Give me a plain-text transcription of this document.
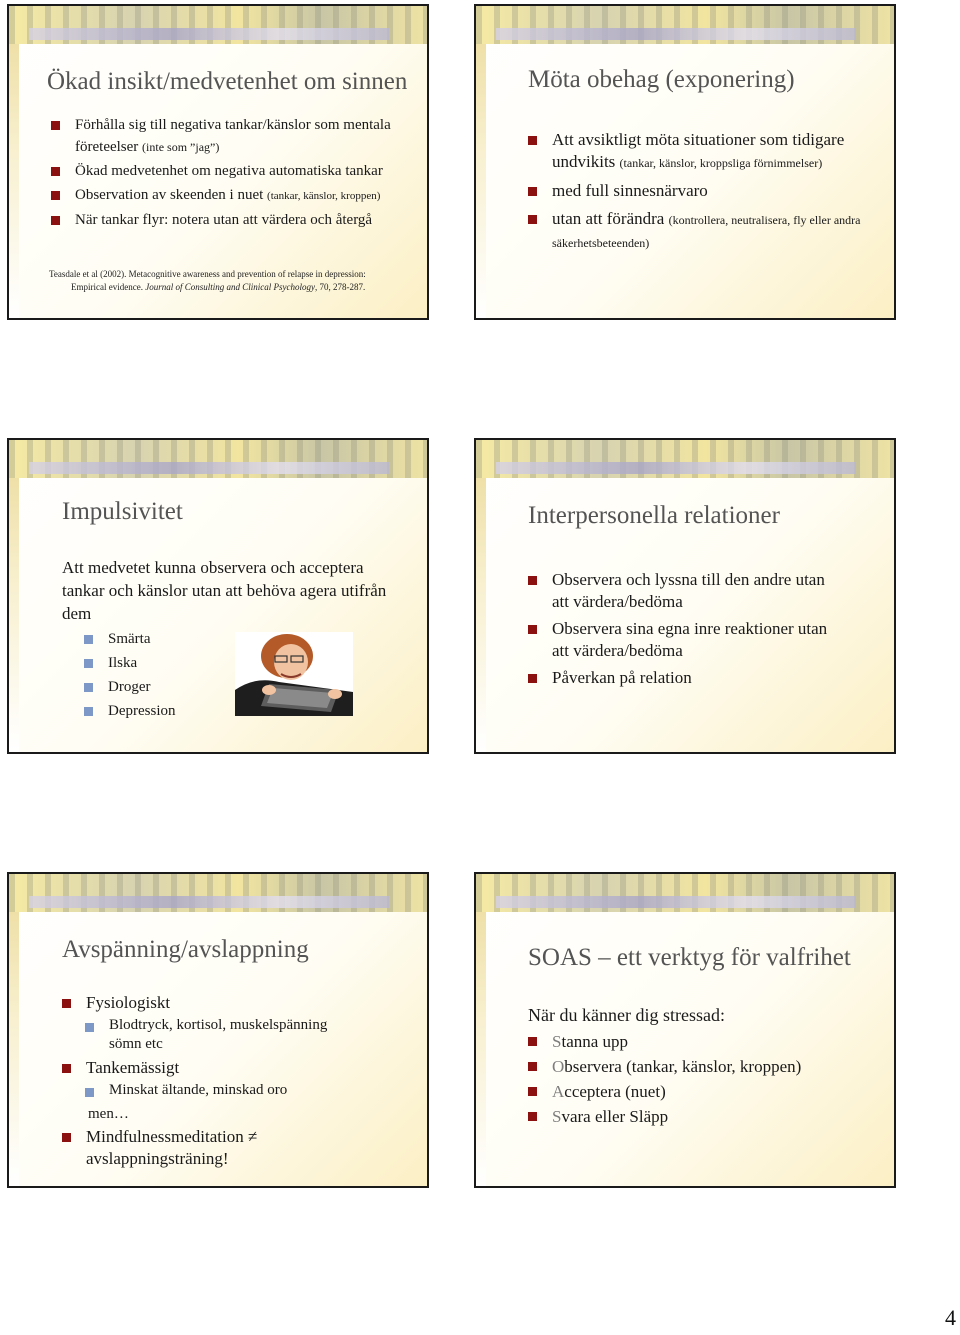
Ökad insikt/medvetenhet om sinnen
Förhålla sig till negativa tankar/känslor som mentala företeelser (inte som ”jag”)
Ökad medvetenhet om negativa automatiska tankar
Observation av skeenden i nuet (tankar, känslor, kroppen)
När tankar flyr: notera utan att värdera och återgå
Teasdale et al (2002). Metacognitive awareness and prevention of relapse in depression:
Empirical evidence. Journal of Consulting and Clinical Psychology, 70, 278-287.
Möta obehag (exponering)
Att avsiktligt möta situationer som tidigare undvikits (tankar, känslor, kroppsliga förnimmelser)
med full sinnesnärvaro
utan att förändra (kontrollera, neutralisera, fly eller andra säkerhetsbeteenden)
Impulsivitet
Att medvetet kunna observera och acceptera tankar och känslor utan att behöva agera utifrån dem
Smärta
Ilska
Droger
Depression
Interpersonella relationer
Observera och lyssna till den andre utan att värdera/bedöma
Observera sina egna inre reaktioner utan att värdera/bedöma
Påverkan på relation
Avspänning/avslappning
Fysiologiskt
Blodtryck, kortisol, muskelspänning
sömn etc
Tankemässigt
Minskat ältande, minskad oro
men…
Mindfulnessmeditation ≠
avslappningsträning!
SOAS – ett verktyg för valfrihet
När du känner dig stressad:
Stanna upp
Observera (tankar, känslor, kroppen)
Acceptera (nuet)
Svara eller Släpp
4
